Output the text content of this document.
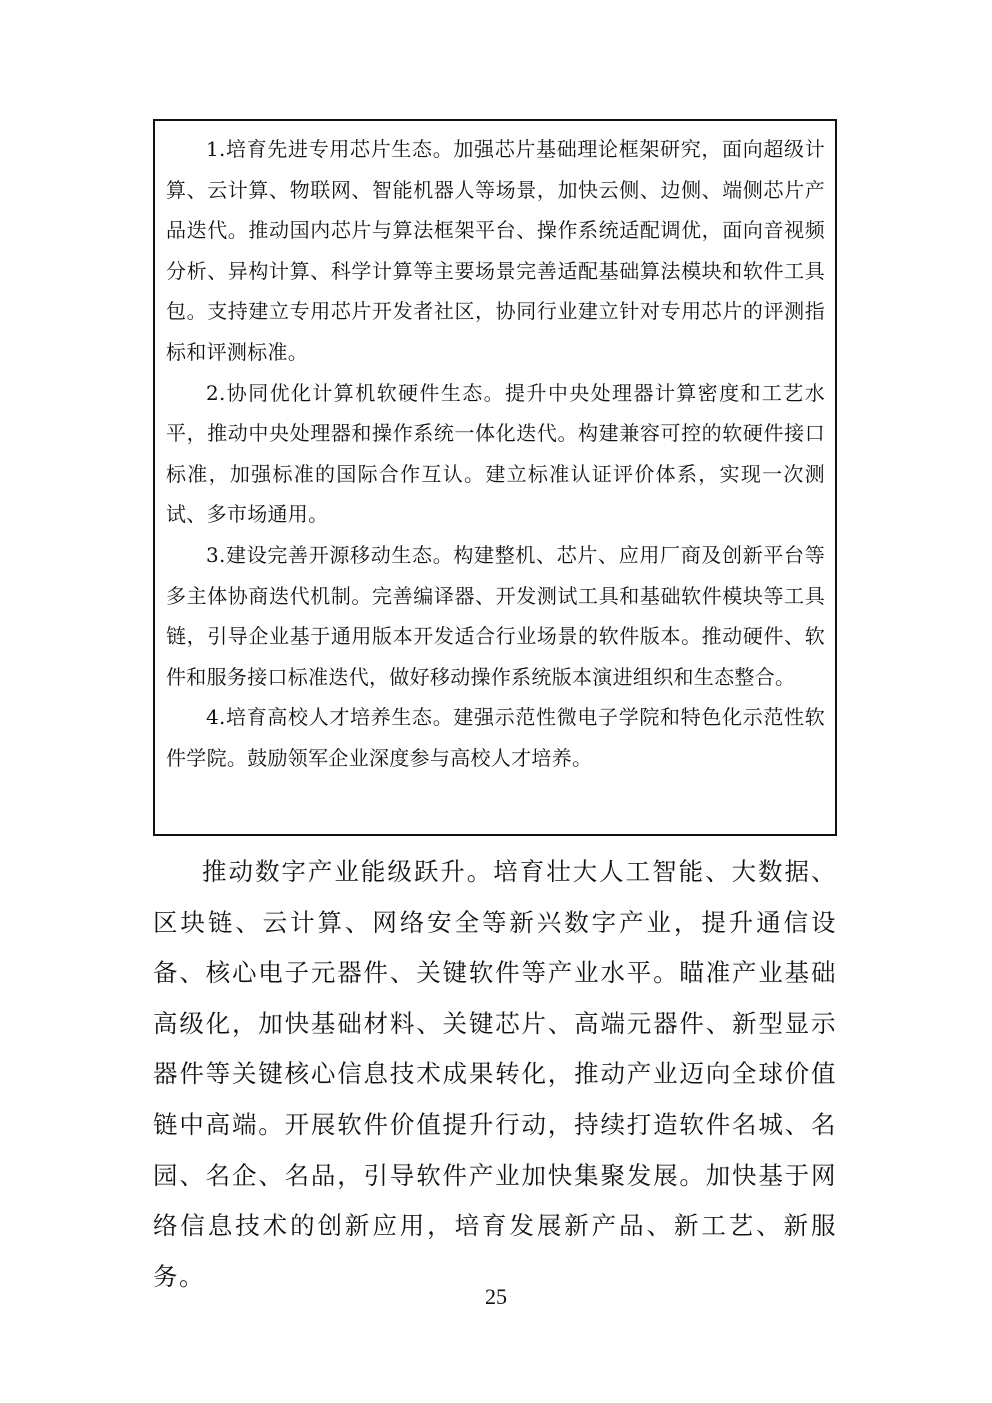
1.培育先进专用芯片生态。加强芯片基础理论框架研究，面向超级计算、云计算、物联网、智能机器人等场景，加快云侧、边侧、端侧芯片产品迭代。推动国内芯片与算法框架平台、操作系统适配调优，面向音视频分析、异构计算、科学计算等主要场景完善适配基础算法模块和软件工具包。支持建立专用芯片开发者社区，协同行业建立针对专用芯片的评测指标和评测标准。

2.协同优化计算机软硬件生态。提升中央处理器计算密度和工艺水平，推动中央处理器和操作系统一体化迭代。构建兼容可控的软硬件接口标准，加强标准的国际合作互认。建立标准认证评价体系，实现一次测试、多市场通用。

3.建设完善开源移动生态。构建整机、芯片、应用厂商及创新平台等多主体协商迭代机制。完善编译器、开发测试工具和基础软件模块等工具链，引导企业基于通用版本开发适合行业场景的软件版本。推动硬件、软件和服务接口标准迭代，做好移动操作系统版本演进组织和生态整合。

4.培育高校人才培养生态。建强示范性微电子学院和特色化示范性软件学院。鼓励领军企业深度参与高校人才培养。

推动数字产业能级跃升。培育壮大人工智能、大数据、区块链、云计算、网络安全等新兴数字产业，提升通信设备、核心电子元器件、关键软件等产业水平。瞄准产业基础高级化，加快基础材料、关键芯片、高端元器件、新型显示器件等关键核心信息技术成果转化，推动产业迈向全球价值链中高端。开展软件价值提升行动，持续打造软件名城、名园、名企、名品，引导软件产业加快集聚发展。加快基于网络信息技术的创新应用，培育发展新产品、新工艺、新服务。

25
